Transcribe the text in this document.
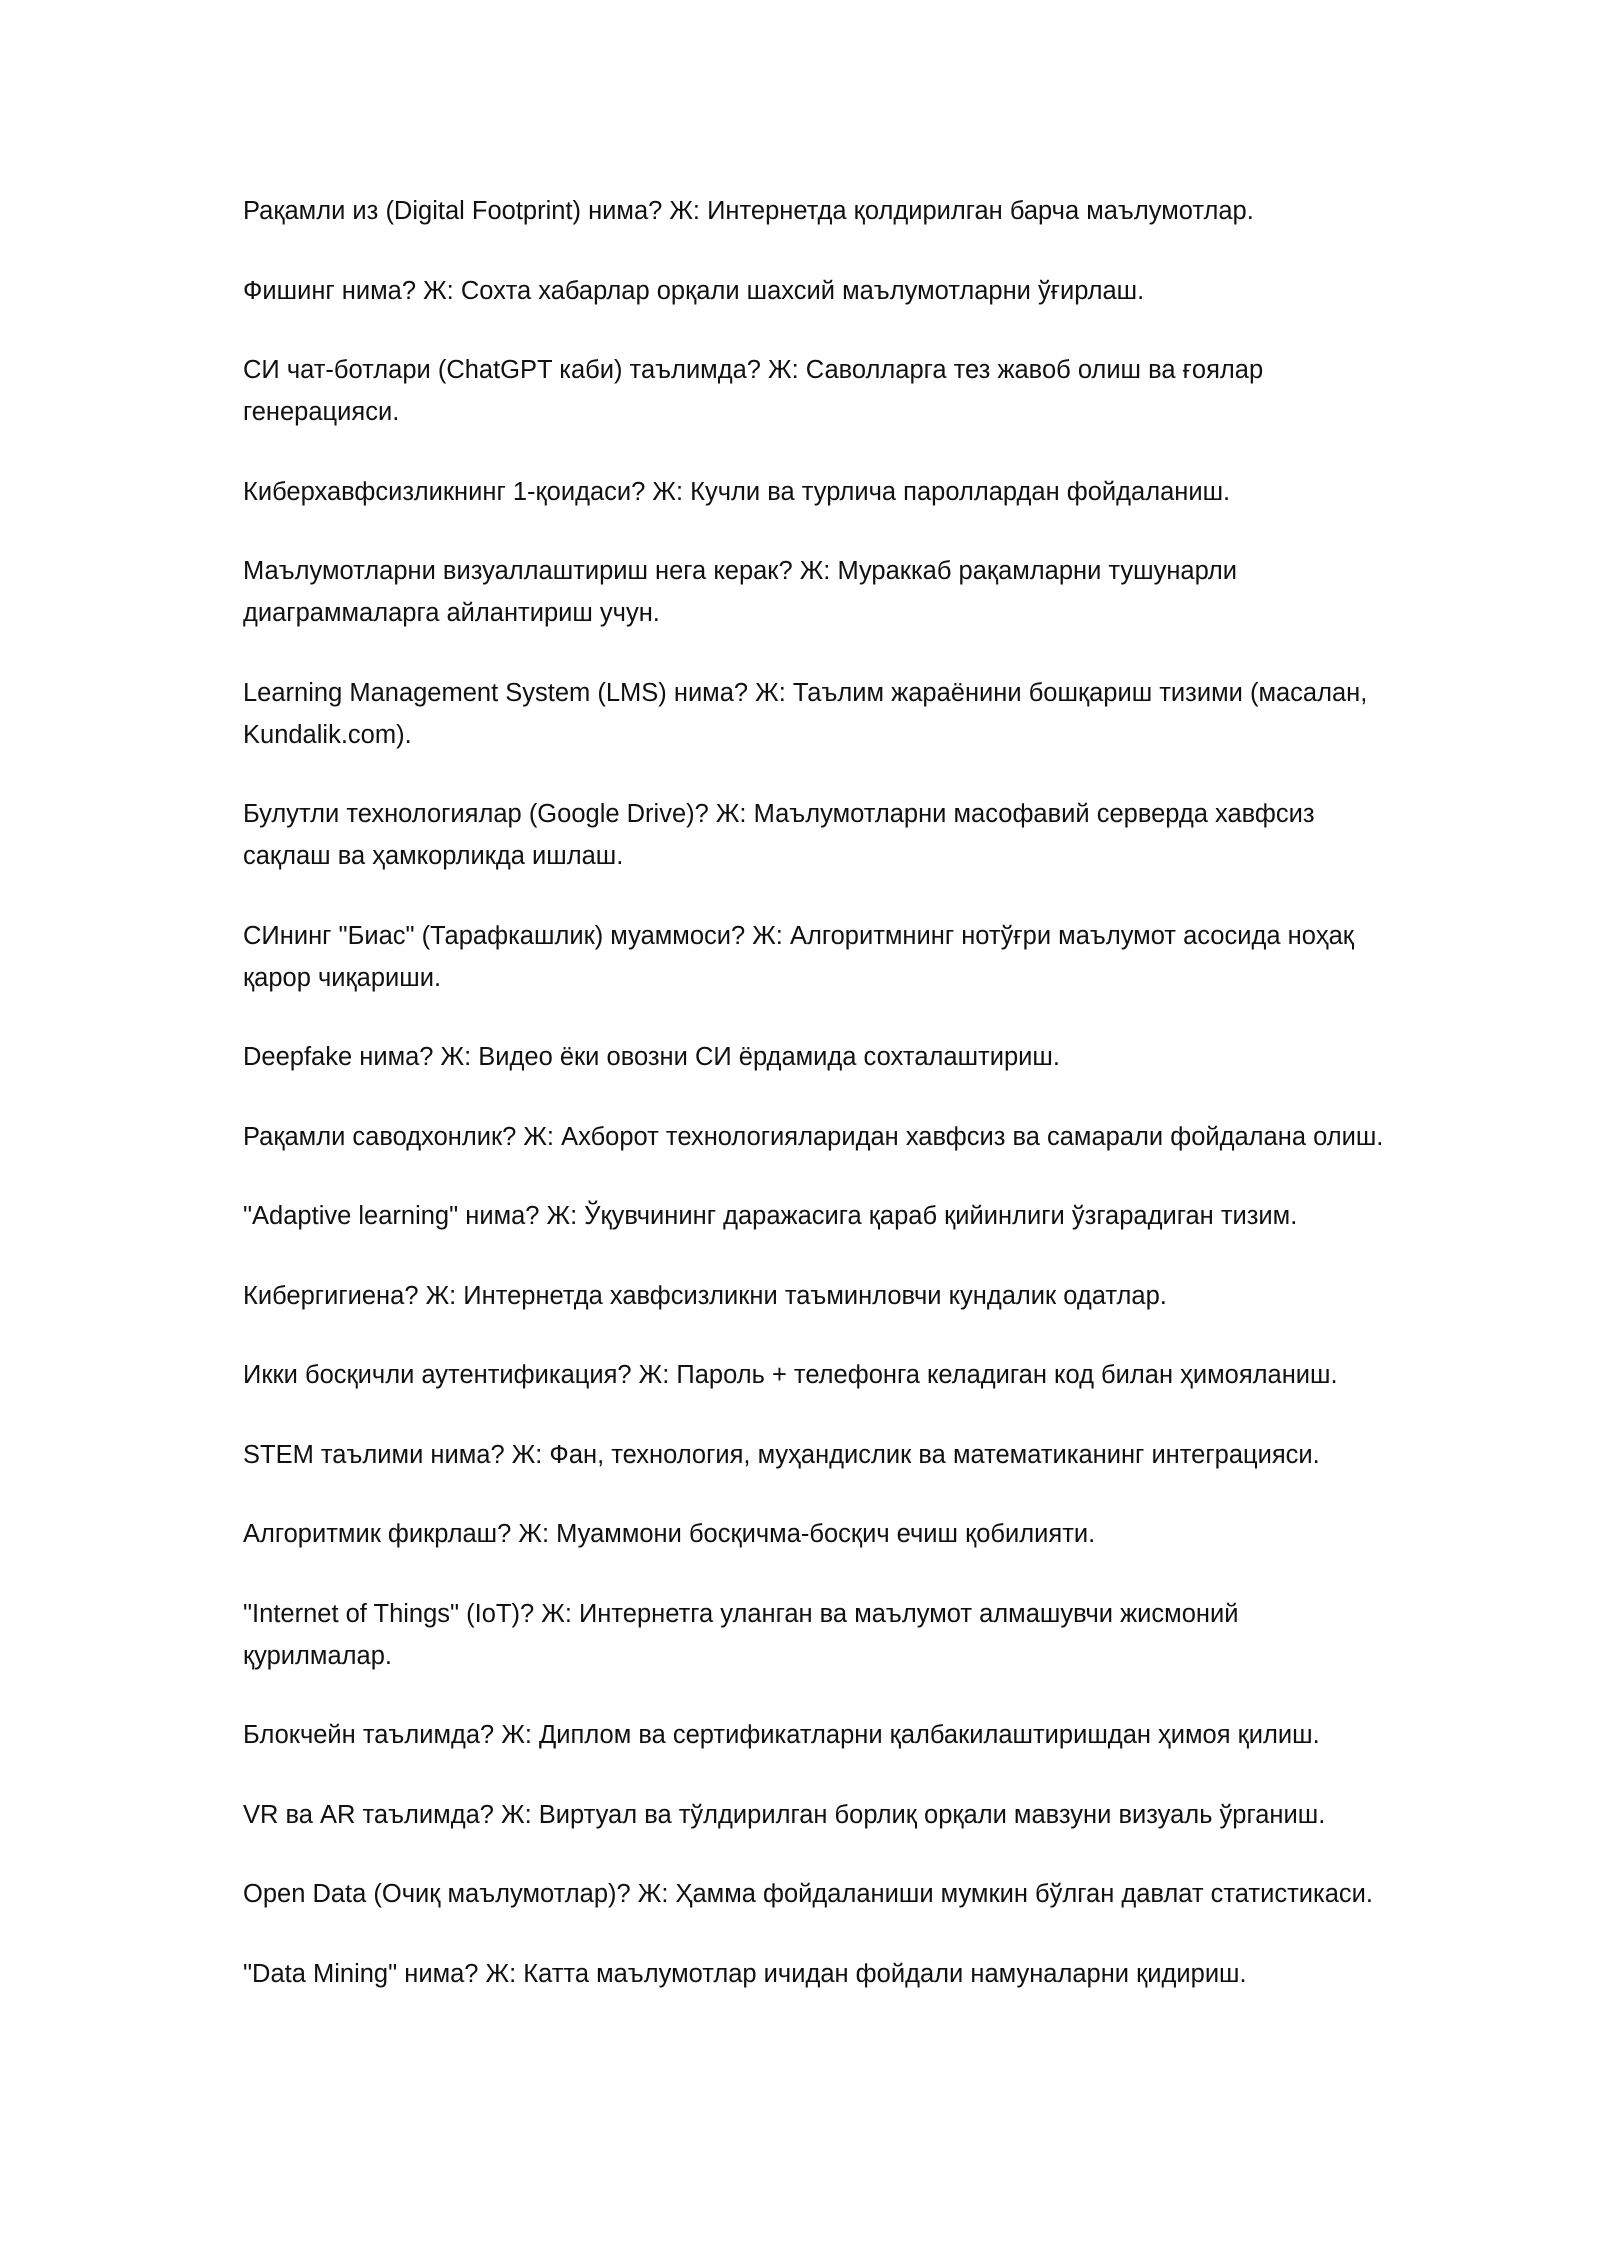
Рақамли из (Digital Footprint) нима? Ж: Интернетда қолдирилган барча маълумотлар.

Фишинг нима? Ж: Сохта хабарлар орқали шахсий маълумотларни ўғирлаш.

СИ чат-ботлари (ChatGPT каби) таълимда? Ж: Саволларга тез жавоб олиш ва ғоялар генерацияси.

Киберхавфсизликнинг 1-қоидаси? Ж: Кучли ва турлича пароллардан фойдаланиш.

Маълумотларни визуаллаштириш нега керак? Ж: Мураккаб рақамларни тушунарли диаграммаларга айлантириш учун.

Learning Management System (LMS) нима? Ж: Таълим жараёнини бошқариш тизими (масалан, Kundalik.com).

Булутли технологиялар (Google Drive)? Ж: Маълумотларни масофавий серверда хавфсиз сақлаш ва ҳамкорликда ишлаш.

СИнинг "Биас" (Тарафкашлик) муаммоси? Ж: Алгоритмнинг нотўғри маълумот асосида ноҳақ қарор чиқариши.

Deepfake нима? Ж: Видео ёки овозни СИ ёрдамида сохталаштириш.

Рақамли саводхонлик? Ж: Ахборот технологияларидан хавфсиз ва самарали фойдалана олиш.

"Adaptive learning" нима? Ж: Ўқувчининг даражасига қараб қийинлиги ўзгарадиган тизим.

Кибергигиена? Ж: Интернетда хавфсизликни таъминловчи кундалик одатлар.

Икки босқичли аутентификация? Ж: Пароль + телефонга келадиган код билан ҳимояланиш.

STEM таълими нима? Ж: Фан, технология, муҳандислик ва математиканинг интеграцияси.

Алгоритмик фикрлаш? Ж: Муаммони босқичма-босқич ечиш қобилияти.

"Internet of Things" (IoT)? Ж: Интернетга уланган ва маълумот алмашувчи жисмоний қурилмалар.

Блокчейн таълимда? Ж: Диплом ва сертификатларни қалбакилаштиришдан ҳимоя қилиш.

VR ва AR таълимда? Ж: Виртуал ва тўлдирилган борлиқ орқали мавзуни визуаль ўрганиш.

Open Data (Очиқ маълумотлар)? Ж: Ҳамма фойдаланиши мумкин бўлган давлат статистикаси.

"Data Mining" нима? Ж: Катта маълумотлар ичидан фойдали намуналарни қидириш.
